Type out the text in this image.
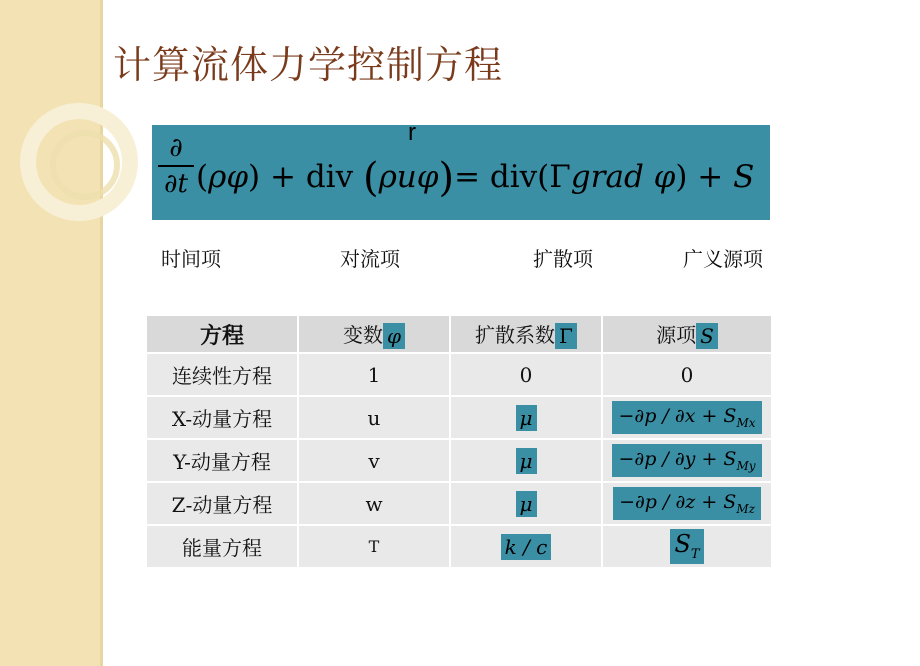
计算流体力学控制方程
∂
∂t
r
(ρφ) + div (ρuφ)= div(Γgrad φ) + S
时间项	对流项	扩散项	广义源项
方程	变数 φ	扩散系数 Γ	源项 S
连续性方程	1	0	0
X-动量方程	u	μ	$-\partial p / \partial x + S_{Mx}$
Y-动量方程	v	μ	$-\partial p / \partial y + S_{My}$
Z-动量方程	w	μ	$-\partial p / \partial z + S_{Mz}$
能量方程	T	k / c	$S_T$
